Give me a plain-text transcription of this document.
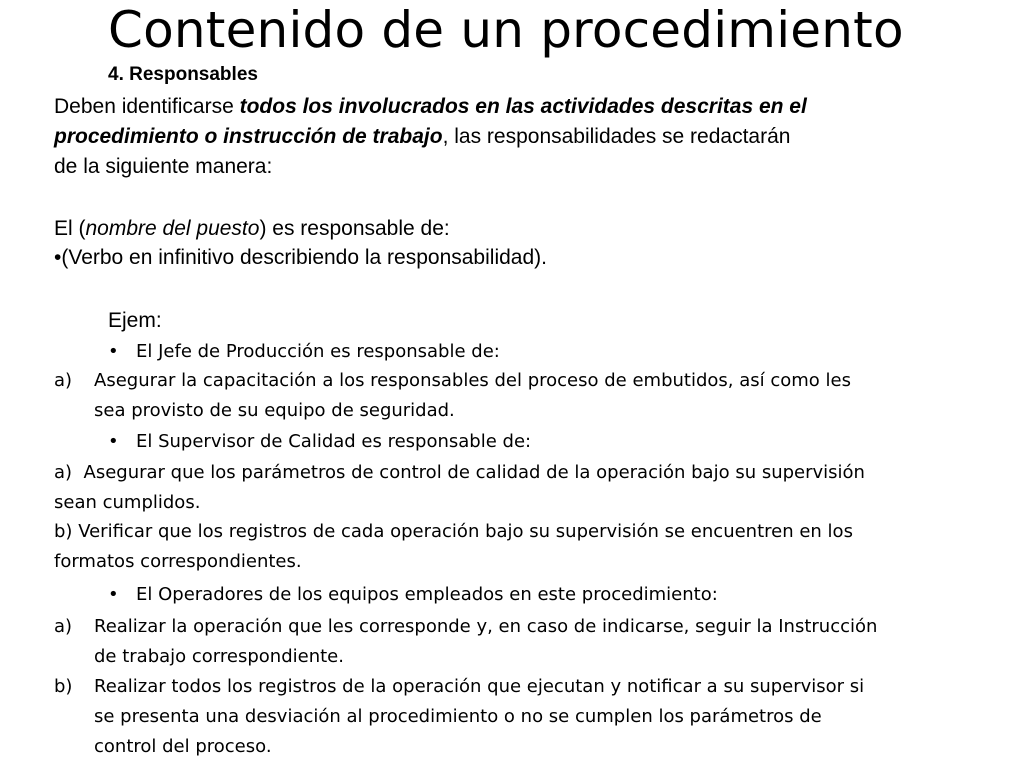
Contenido de un procedimiento
4. Responsables
Deben identificarse todos los involucrados en las actividades descritas en el
procedimiento o instrucción de trabajo, las responsabilidades se redactarán
de la siguiente manera:
El (nombre del puesto) es responsable de:
•(Verbo en infinitivo describiendo la responsabilidad).
Ejem:
• El Jefe de Producción es responsable de:
a) Asegurar la capacitación a los responsables del proceso de embutidos, así como les
sea provisto de su equipo de seguridad.
• El Supervisor de Calidad es responsable de:
a) Asegurar que los parámetros de control de calidad de la operación bajo su supervisión
sean cumplidos.
b) Verificar que los registros de cada operación bajo su supervisión se encuentren en los
formatos correspondientes.
• El Operadores de los equipos empleados en este procedimiento:
a) Realizar la operación que les corresponde y, en caso de indicarse, seguir la Instrucción
de trabajo correspondiente.
b) Realizar todos los registros de la operación que ejecutan y notificar a su supervisor si
se presenta una desviación al procedimiento o no se cumplen los parámetros de
control del proceso.
